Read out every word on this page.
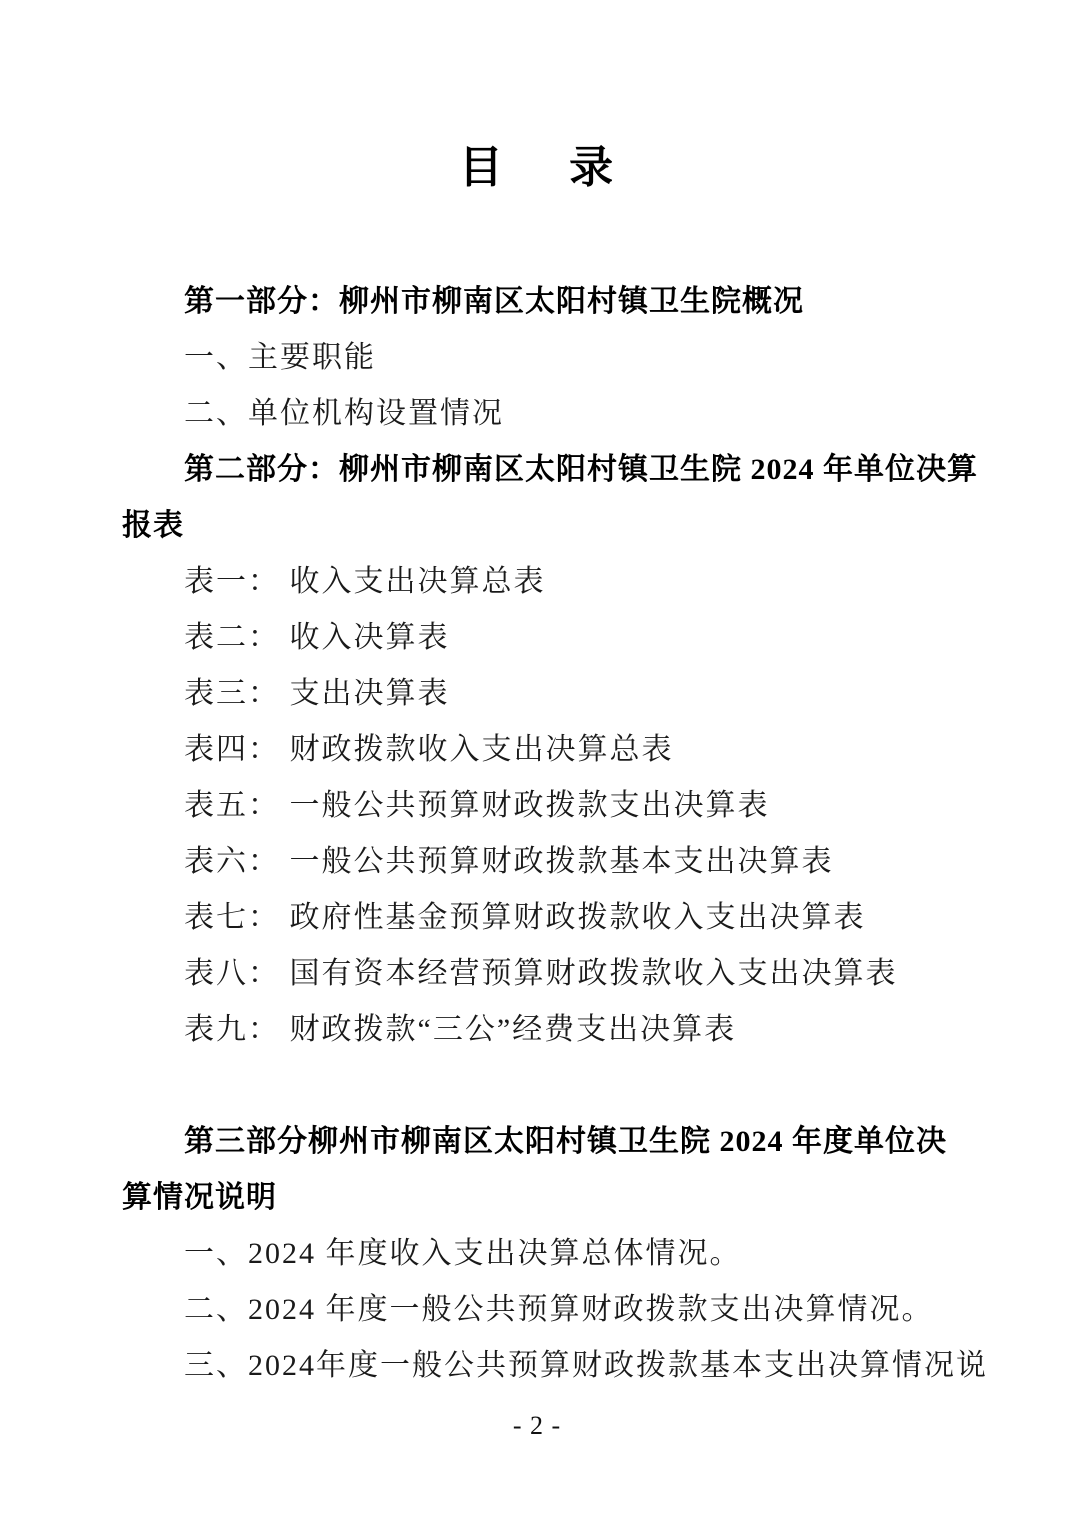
目 录

第一部分：柳州市柳南区太阳村镇卫生院概况

一、主要职能

二、单位机构设置情况

第二部分：柳州市柳南区太阳村镇卫生院 2024 年单位决算

报表

表一： 收入支出决算总表

表二： 收入决算表

表三： 支出决算表

表四： 财政拨款收入支出决算总表

表五： 一般公共预算财政拨款支出决算表

表六： 一般公共预算财政拨款基本支出决算表

表七： 政府性基金预算财政拨款收入支出决算表

表八： 国有资本经营预算财政拨款收入支出决算表

表九： 财政拨款“三公”经费支出决算表

第三部分柳州市柳南区太阳村镇卫生院 2024 年度单位决

算情况说明

一、2024 年度收入支出决算总体情况。

二、2024 年度一般公共预算财政拨款支出决算情况。

三、2024年度一般公共预算财政拨款基本支出决算情况说

- 2 -
